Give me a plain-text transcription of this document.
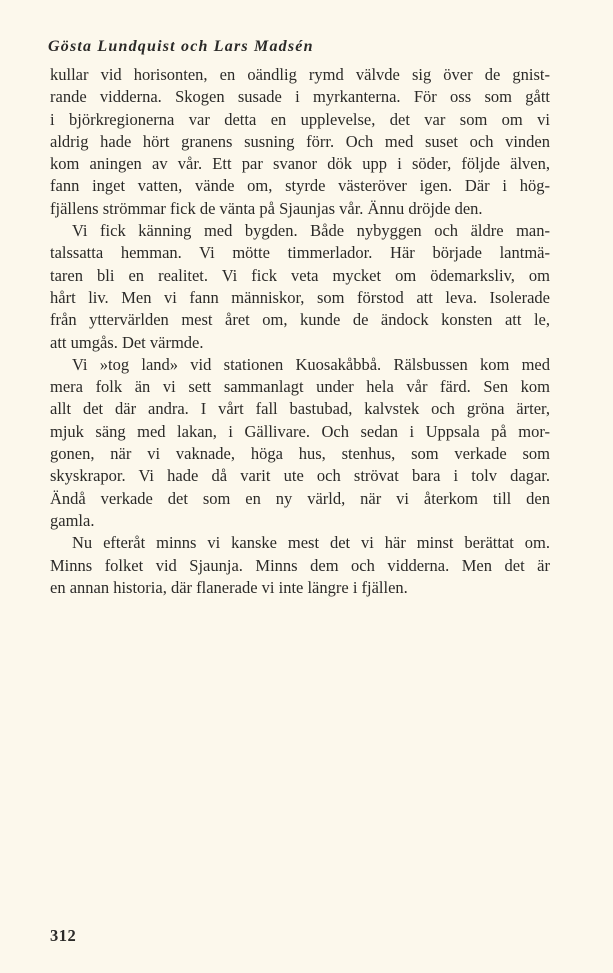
Gösta Lundquist och Lars Madsén
kullar vid horisonten, en oändlig rymd välvde sig över de gnist-
rande vidderna. Skogen susade i myrkanterna. För oss som gått
i björkregionerna var detta en upplevelse, det var som om vi
aldrig hade hört granens susning förr. Och med suset och vinden
kom aningen av vår. Ett par svanor dök upp i söder, följde älven,
fann inget vatten, vände om, styrde västeröver igen. Där i hög-
fjällens strömmar fick de vänta på Sjaunjas vår. Ännu dröjde den.
Vi fick känning med bygden. Både nybyggen och äldre man-
talssatta hemman. Vi mötte timmerlador. Här började lantmä-
taren bli en realitet. Vi fick veta mycket om ödemarksliv, om
hårt liv. Men vi fann människor, som förstod att leva. Isolerade
från yttervärlden mest året om, kunde de ändock konsten att le,
att umgås. Det värmde.
Vi »tog land» vid stationen Kuosakåbbå. Rälsbussen kom med
mera folk än vi sett sammanlagt under hela vår färd. Sen kom
allt det där andra. I vårt fall bastubad, kalvstek och gröna ärter,
mjuk säng med lakan, i Gällivare. Och sedan i Uppsala på mor-
gonen, när vi vaknade, höga hus, stenhus, som verkade som
skyskrapor. Vi hade då varit ute och strövat bara i tolv dagar.
Ändå verkade det som en ny värld, när vi återkom till den
gamla.
Nu efteråt minns vi kanske mest det vi här minst berättat om.
Minns folket vid Sjaunja. Minns dem och vidderna. Men det är
en annan historia, där flanerade vi inte längre i fjällen.
312
